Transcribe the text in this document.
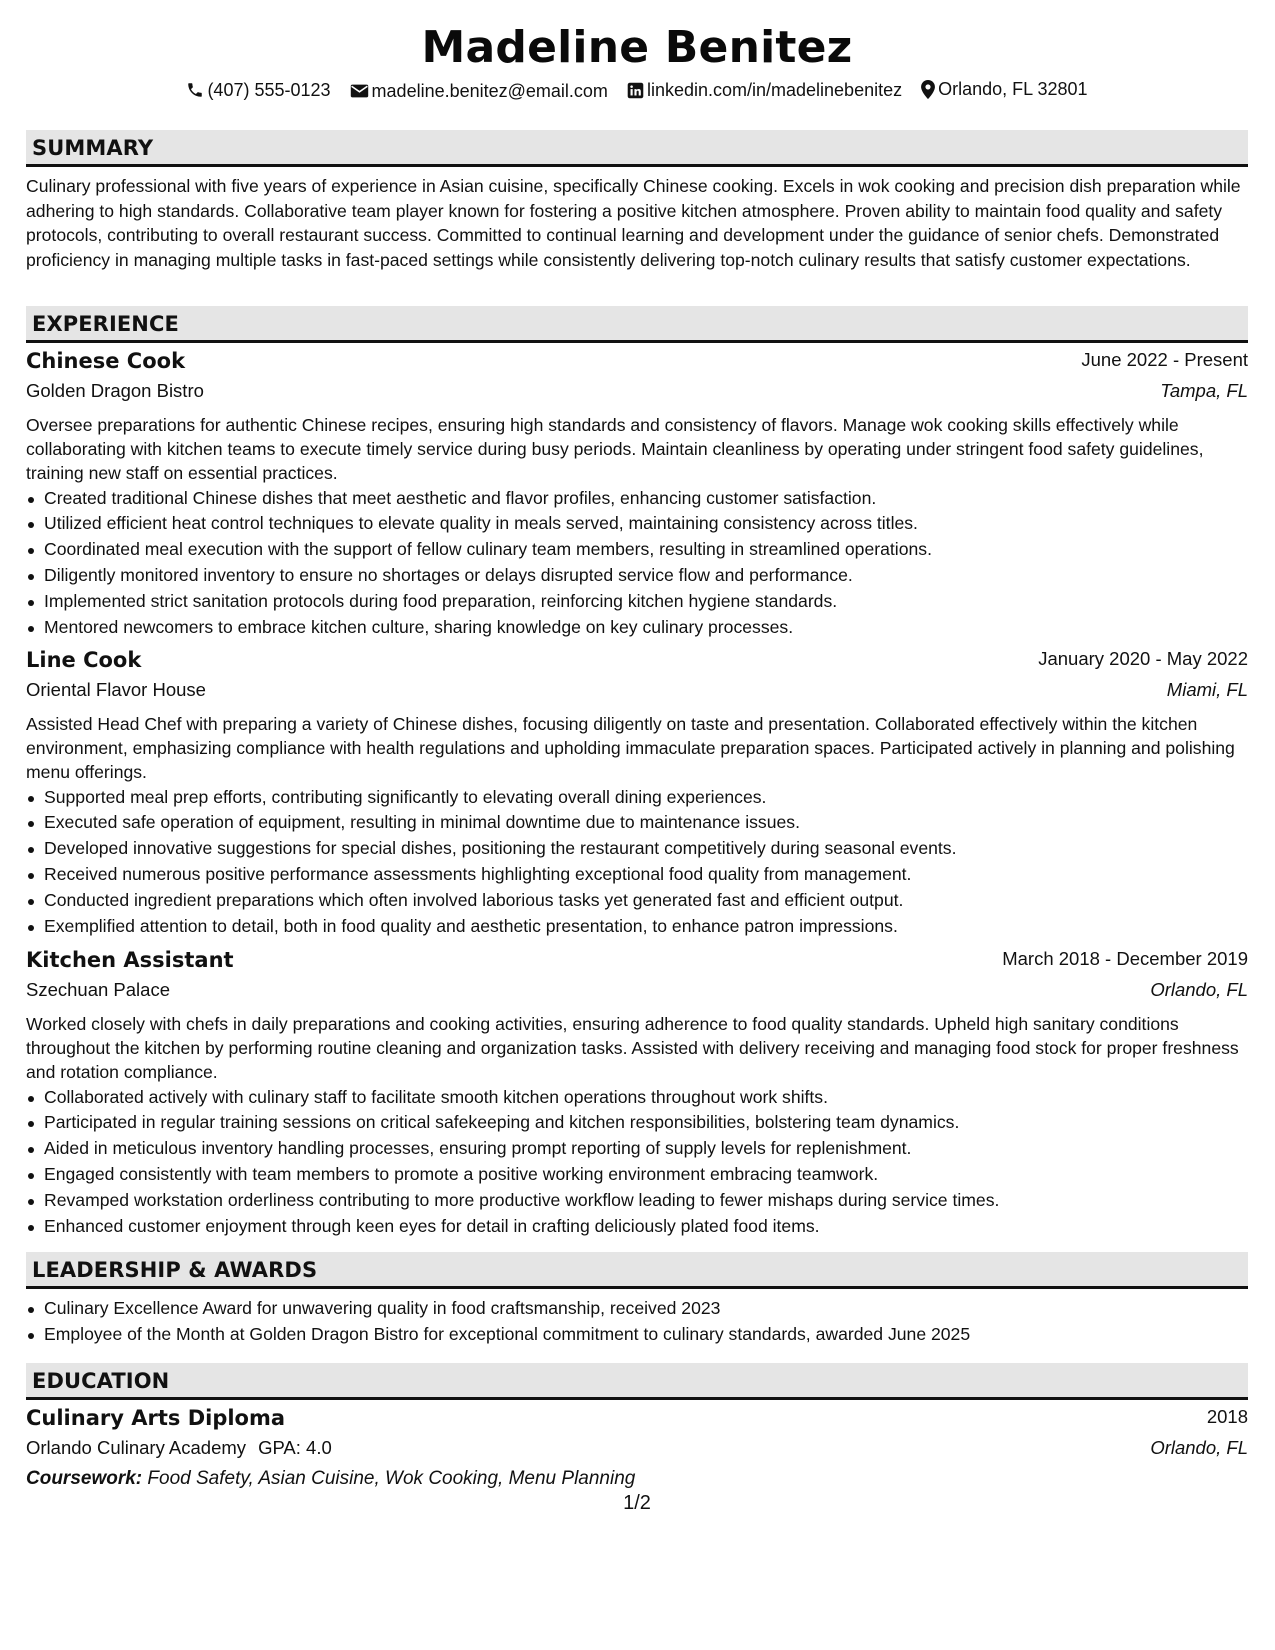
Madeline Benitez
(407) 555-0123
madeline.benitez@email.com
linkedin.com/in/madelinebenitez
Orlando, FL 32801
SUMMARY
Culinary professional with five years of experience in Asian cuisine, specifically Chinese cooking. Excels in wok cooking and precision dish preparation while adhering to high standards. Collaborative team player known for fostering a positive kitchen atmosphere. Proven ability to maintain food quality and safety protocols, contributing to overall restaurant success. Committed to continual learning and development under the guidance of senior chefs. Demonstrated proficiency in managing multiple tasks in fast-paced settings while consistently delivering top-notch culinary results that satisfy customer expectations.
EXPERIENCE
Chinese Cook	June 2022 - Present
Golden Dragon Bistro	Tampa, FL
Oversee preparations for authentic Chinese recipes, ensuring high standards and consistency of flavors. Manage wok cooking skills effectively while collaborating with kitchen teams to execute timely service during busy periods. Maintain cleanliness by operating under stringent food safety guidelines, training new staff on essential practices.
Created traditional Chinese dishes that meet aesthetic and flavor profiles, enhancing customer satisfaction.
Utilized efficient heat control techniques to elevate quality in meals served, maintaining consistency across titles.
Coordinated meal execution with the support of fellow culinary team members, resulting in streamlined operations.
Diligently monitored inventory to ensure no shortages or delays disrupted service flow and performance.
Implemented strict sanitation protocols during food preparation, reinforcing kitchen hygiene standards.
Mentored newcomers to embrace kitchen culture, sharing knowledge on key culinary processes.
Line Cook	January 2020 - May 2022
Oriental Flavor House	Miami, FL
Assisted Head Chef with preparing a variety of Chinese dishes, focusing diligently on taste and presentation. Collaborated effectively within the kitchen environment, emphasizing compliance with health regulations and upholding immaculate preparation spaces. Participated actively in planning and polishing menu offerings.
Supported meal prep efforts, contributing significantly to elevating overall dining experiences.
Executed safe operation of equipment, resulting in minimal downtime due to maintenance issues.
Developed innovative suggestions for special dishes, positioning the restaurant competitively during seasonal events.
Received numerous positive performance assessments highlighting exceptional food quality from management.
Conducted ingredient preparations which often involved laborious tasks yet generated fast and efficient output.
Exemplified attention to detail, both in food quality and aesthetic presentation, to enhance patron impressions.
Kitchen Assistant	March 2018 - December 2019
Szechuan Palace	Orlando, FL
Worked closely with chefs in daily preparations and cooking activities, ensuring adherence to food quality standards. Upheld high sanitary conditions throughout the kitchen by performing routine cleaning and organization tasks. Assisted with delivery receiving and managing food stock for proper freshness and rotation compliance.
Collaborated actively with culinary staff to facilitate smooth kitchen operations throughout work shifts.
Participated in regular training sessions on critical safekeeping and kitchen responsibilities, bolstering team dynamics.
Aided in meticulous inventory handling processes, ensuring prompt reporting of supply levels for replenishment.
Engaged consistently with team members to promote a positive working environment embracing teamwork.
Revamped workstation orderliness contributing to more productive workflow leading to fewer mishaps during service times.
Enhanced customer enjoyment through keen eyes for detail in crafting deliciously plated food items.
LEADERSHIP & AWARDS
Culinary Excellence Award for unwavering quality in food craftsmanship, received 2023
Employee of the Month at Golden Dragon Bistro for exceptional commitment to culinary standards, awarded June 2025
EDUCATION
Culinary Arts Diploma	2018
Orlando Culinary Academy GPA: 4.0	Orlando, FL
Coursework: Food Safety, Asian Cuisine, Wok Cooking, Menu Planning
1/2
